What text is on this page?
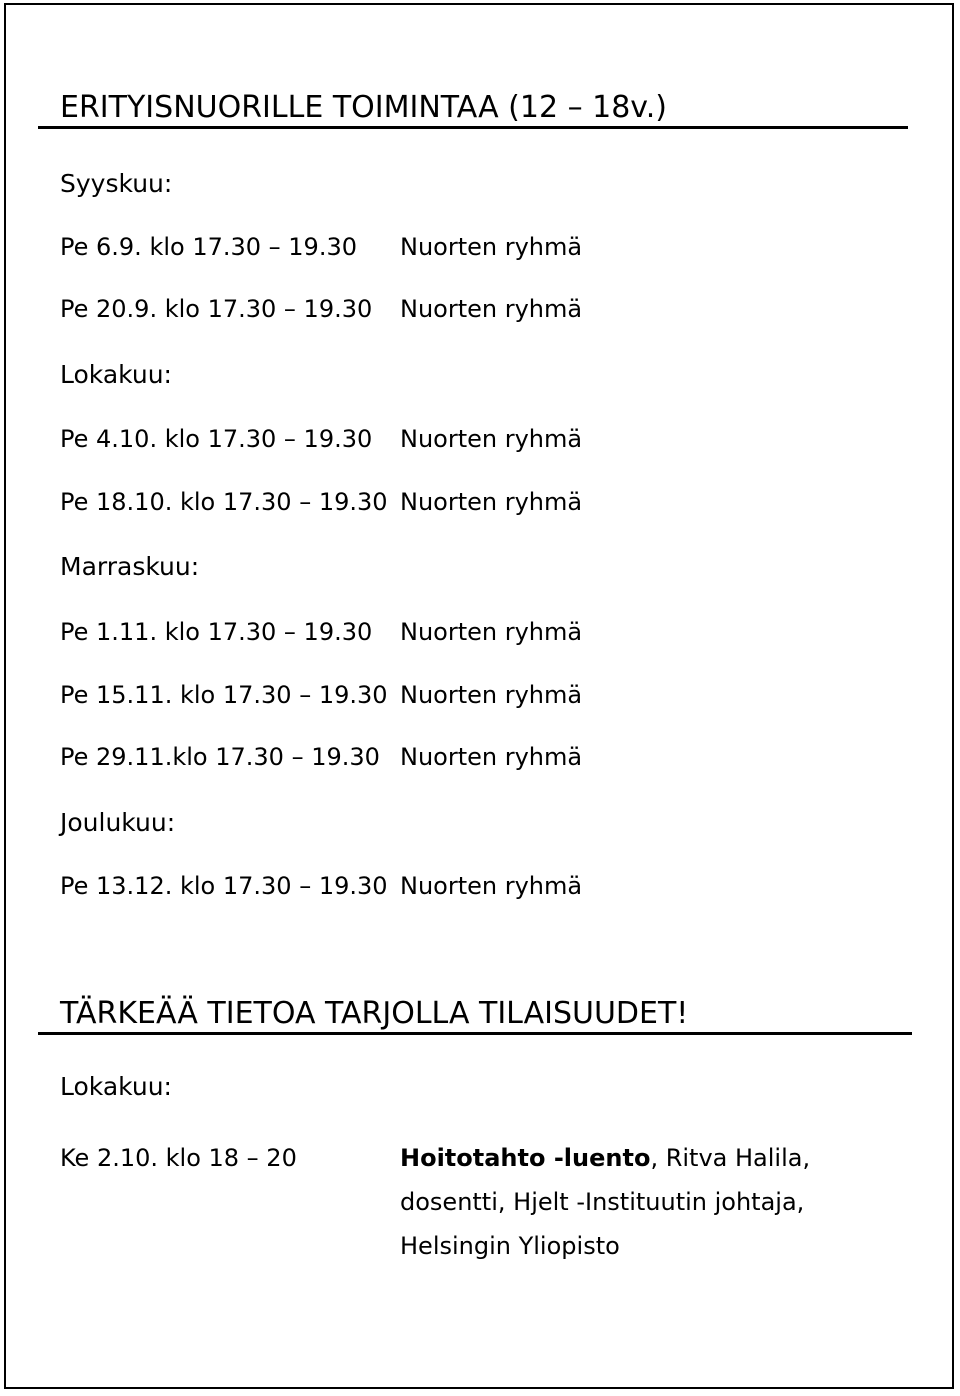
ERITYISNUORILLE TOIMINTAA (12 – 18v.)
Syyskuu:
Pe 6.9. klo 17.30 – 19.30 Nuorten ryhmä
Pe 20.9. klo 17.30 – 19.30 Nuorten ryhmä
Lokakuu:
Pe 4.10. klo 17.30 – 19.30 Nuorten ryhmä
Pe 18.10. klo 17.30 – 19.30 Nuorten ryhmä
Marraskuu:
Pe 1.11. klo 17.30 – 19.30 Nuorten ryhmä
Pe 15.11. klo 17.30 – 19.30 Nuorten ryhmä
Pe 29.11.klo 17.30 – 19.30 Nuorten ryhmä
Joulukuu:
Pe 13.12. klo 17.30 – 19.30 Nuorten ryhmä
TÄRKEÄÄ TIETOA TARJOLLA TILAISUUDET!
Lokakuu:
Ke 2.10. klo 18 – 20	Hoitotahto -luento, Ritva Halila, dosentti, Hjelt -Instituutin johtaja, Helsingin Yliopisto
